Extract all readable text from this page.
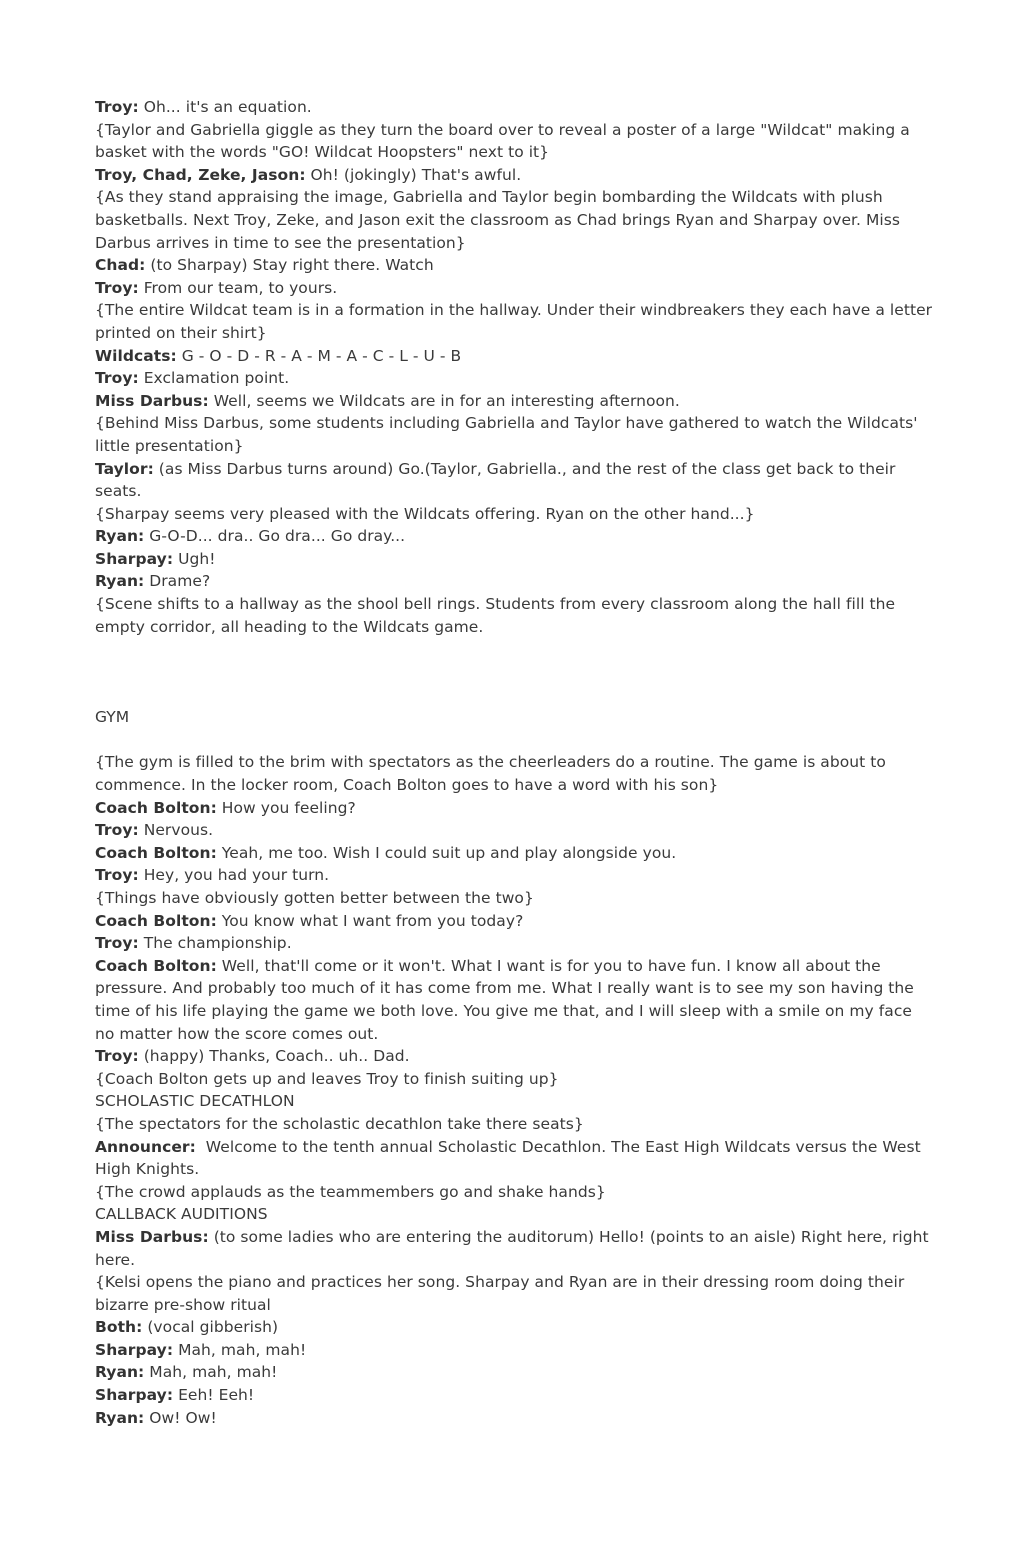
Troy: Oh... it's an equation.

{Taylor and Gabriella giggle as they turn the board over to reveal a poster of a large "Wildcat" making a basket with the words "GO! Wildcat Hoopsters" next to it}

Troy, Chad, Zeke, Jason: Oh! (jokingly) That's awful.

{As they stand appraising the image, Gabriella and Taylor begin bombarding the Wildcats with plush basketballs. Next Troy, Zeke, and Jason exit the classroom as Chad brings Ryan and Sharpay over. Miss Darbus arrives in time to see the presentation}

Chad: (to Sharpay) Stay right there. Watch

Troy: From our team, to yours.

{The entire Wildcat team is in a formation in the hallway. Under their windbreakers they each have a letter printed on their shirt}

Wildcats: G - O - D - R - A - M - A - C - L - U - B

Troy: Exclamation point.

Miss Darbus: Well, seems we Wildcats are in for an interesting afternoon.

{Behind Miss Darbus, some students including Gabriella and Taylor have gathered to watch the Wildcats' little presentation}

Taylor: (as Miss Darbus turns around) Go.(Taylor, Gabriella., and the rest of the class get back to their seats.

{Sharpay seems very pleased with the Wildcats offering. Ryan on the other hand...}

Ryan: G-O-D... dra.. Go dra... Go dray...

Sharpay: Ugh!

Ryan: Drame?

{Scene shifts to a hallway as the shool bell rings. Students from every classroom along the hall fill the empty corridor, all heading to the Wildcats game.

GYM

{The gym is filled to the brim with spectators as the cheerleaders do a routine. The game is about to commence. In the locker room, Coach Bolton goes to have a word with his son}

Coach Bolton: How you feeling?

Troy: Nervous.

Coach Bolton: Yeah, me too. Wish I could suit up and play alongside you.

Troy: Hey, you had your turn.

{Things have obviously gotten better between the two}

Coach Bolton: You know what I want from you today?

Troy: The championship.

Coach Bolton: Well, that'll come or it won't. What I want is for you to have fun. I know all about the pressure. And probably too much of it has come from me. What I really want is to see my son having the time of his life playing the game we both love. You give me that, and I will sleep with a smile on my face no matter how the score comes out.

Troy: (happy) Thanks, Coach.. uh.. Dad.

{Coach Bolton gets up and leaves Troy to finish suiting up}

SCHOLASTIC DECATHLON

{The spectators for the scholastic decathlon take there seats}

Announcer:  Welcome to the tenth annual Scholastic Decathlon. The East High Wildcats versus the West High Knights.

{The crowd applauds as the teammembers go and shake hands}

CALLBACK AUDITIONS

Miss Darbus: (to some ladies who are entering the auditorum) Hello! (points to an aisle) Right here, right here.

{Kelsi opens the piano and practices her song. Sharpay and Ryan are in their dressing room doing their bizarre pre-show ritual

Both: (vocal gibberish)

Sharpay: Mah, mah, mah!

Ryan: Mah, mah, mah!

Sharpay: Eeh! Eeh!

Ryan: Ow! Ow!
